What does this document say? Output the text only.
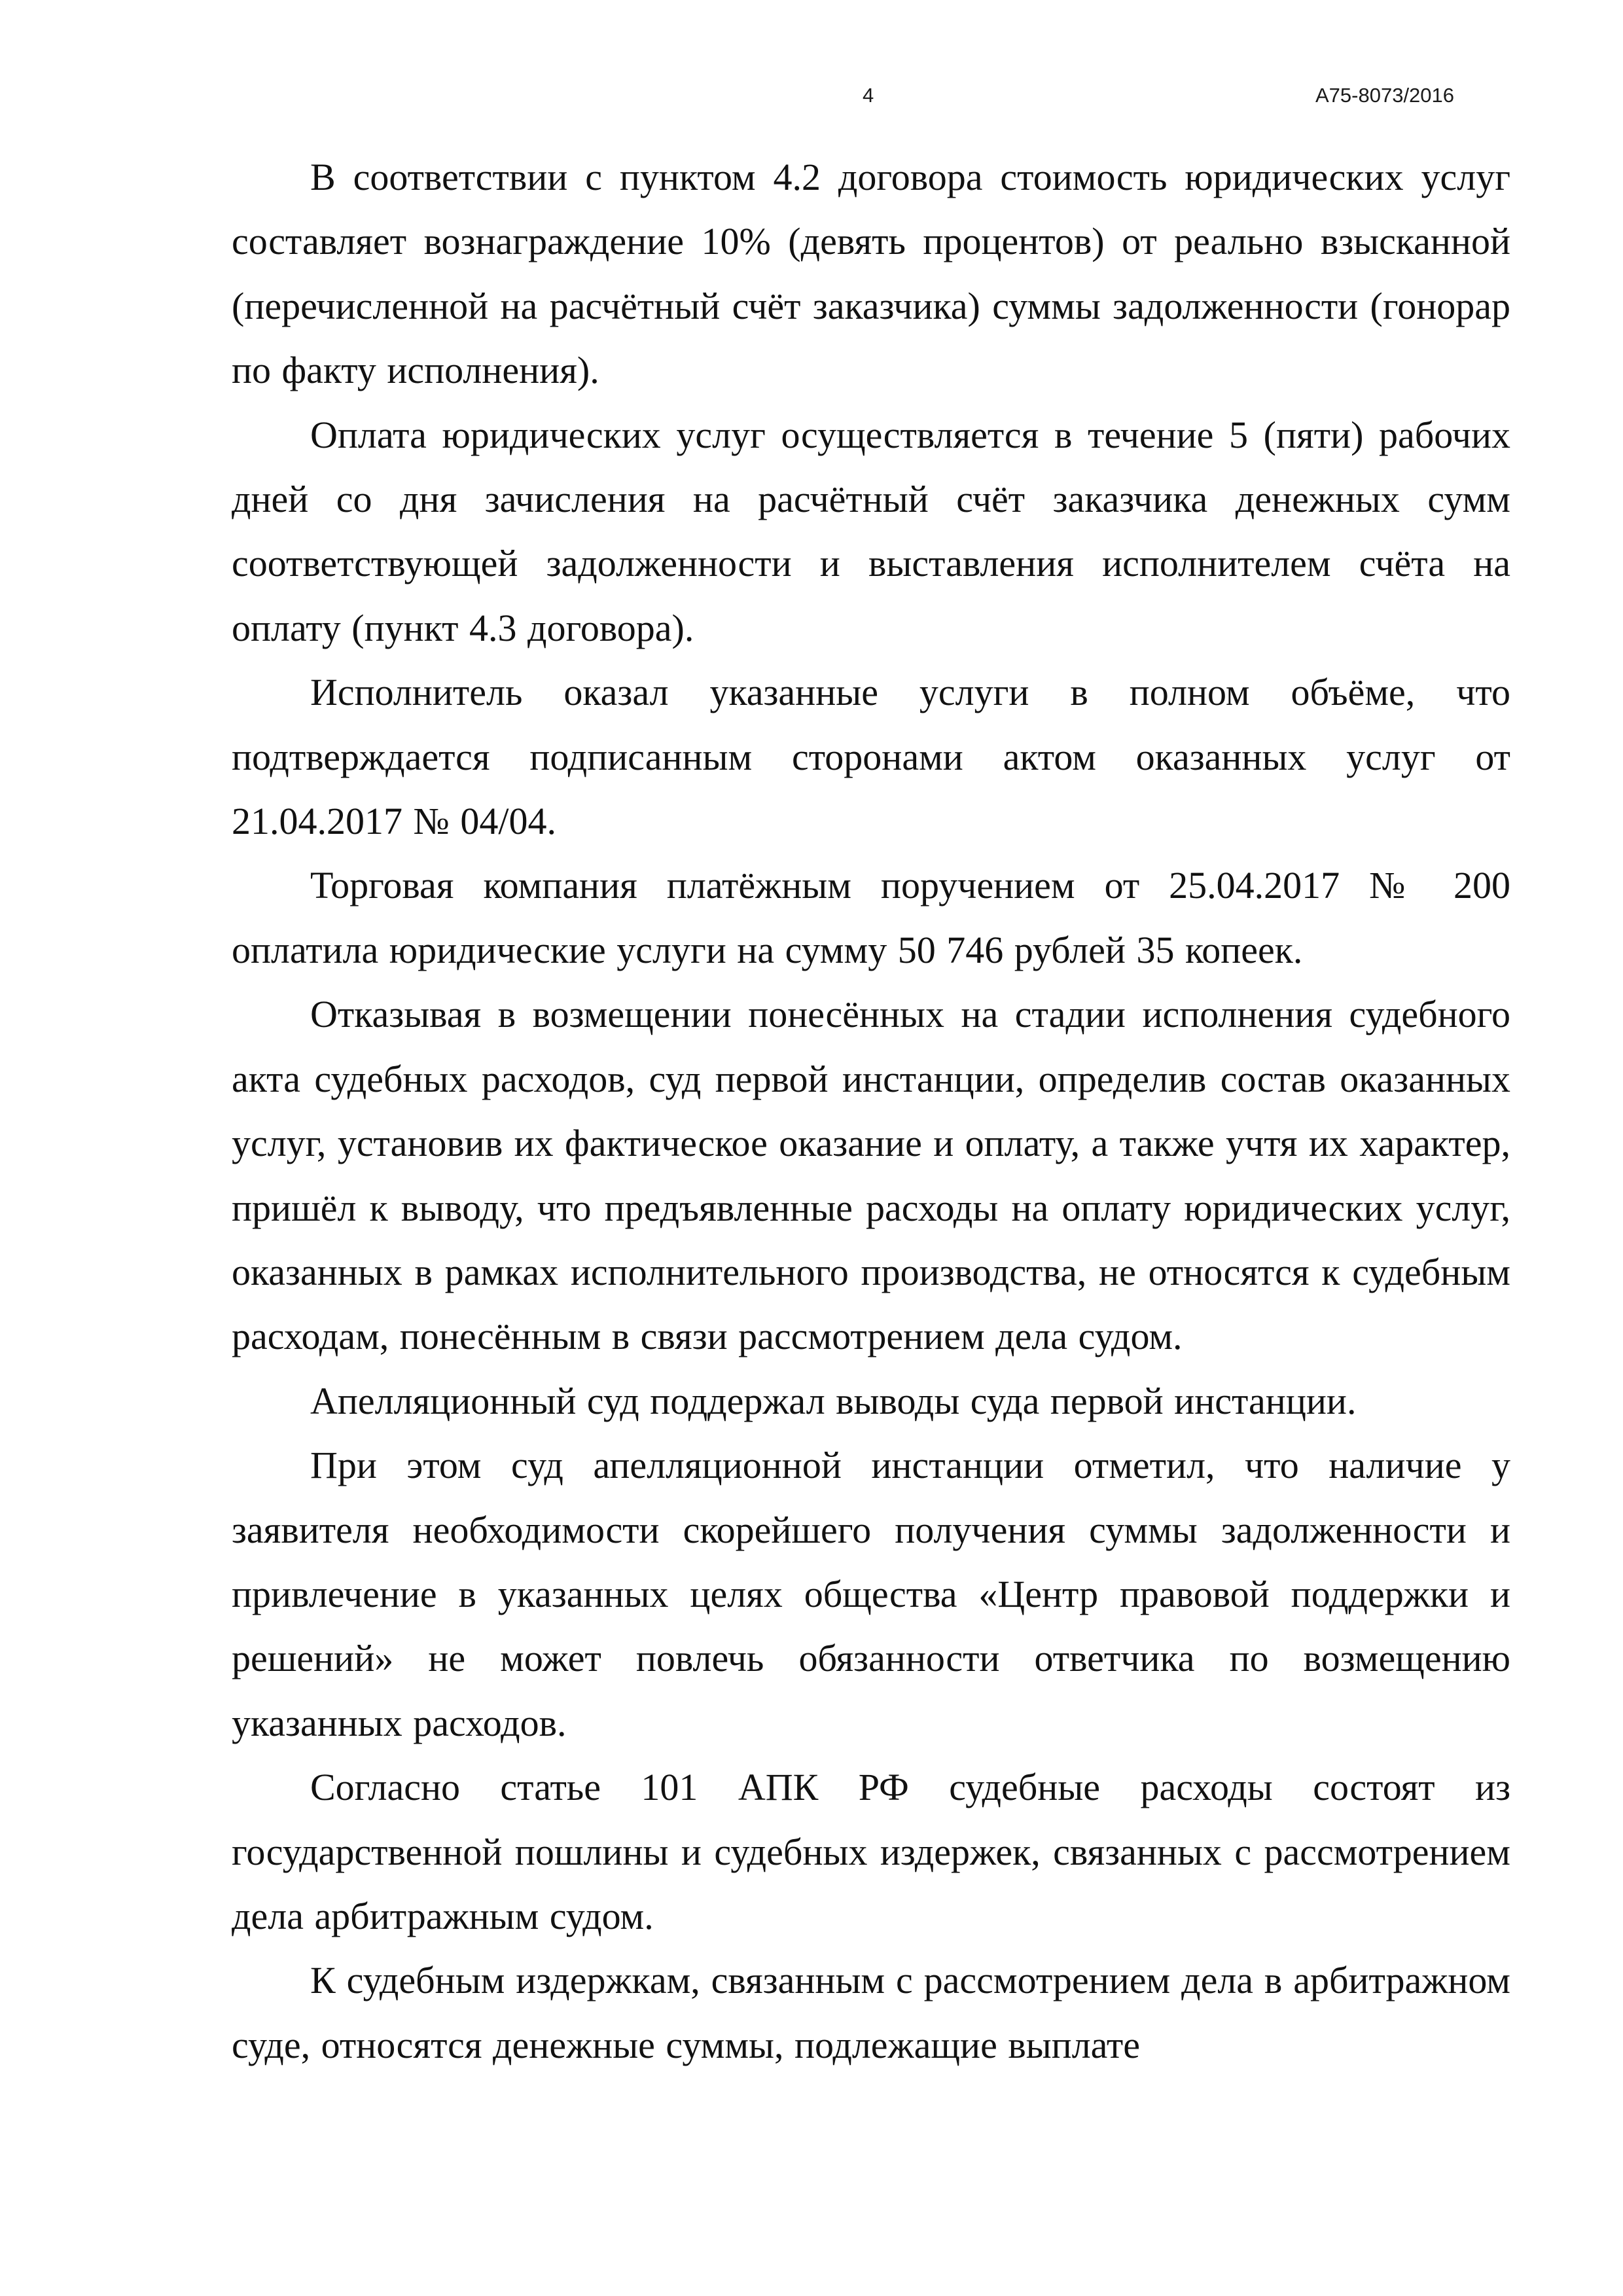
4	А75-8073/2016

В соответствии с пунктом 4.2 договора стоимость юридических услуг составляет вознаграждение 10% (девять процентов) от реально взысканной (перечисленной на расчётный счёт заказчика) суммы задолженности (гонорар по факту исполнения).

Оплата юридических услуг осуществляется в течение 5 (пяти) рабочих дней со дня зачисления на расчётный счёт заказчика денежных сумм соответствующей задолженности и выставления исполнителем счёта на оплату (пункт 4.3 договора).

Исполнитель оказал указанные услуги в полном объёме, что подтверждается подписанным сторонами актом оказанных услуг от 21.04.2017 № 04/04.

Торговая компания платёжным поручением от 25.04.2017 № 200 оплатила юридические услуги на сумму 50 746 рублей 35 копеек.

Отказывая в возмещении понесённых на стадии исполнения судебного акта судебных расходов, суд первой инстанции, определив состав оказанных услуг, установив их фактическое оказание и оплату, а также учтя их характер, пришёл к выводу, что предъявленные расходы на оплату юридических услуг, оказанных в рамках исполнительного производства, не относятся к судебным расходам, понесённым в связи рассмотрением дела судом.

Апелляционный суд поддержал выводы суда первой инстанции.

При этом суд апелляционной инстанции отметил, что наличие у заявителя необходимости скорейшего получения суммы задолженности и привлечение в указанных целях общества «Центр правовой поддержки и решений» не может повлечь обязанности ответчика по возмещению указанных расходов.

Согласно статье 101 АПК РФ судебные расходы состоят из государственной пошлины и судебных издержек, связанных с рассмотрением дела арбитражным судом.

К судебным издержкам, связанным с рассмотрением дела в арбитражном суде, относятся денежные суммы, подлежащие выплате
